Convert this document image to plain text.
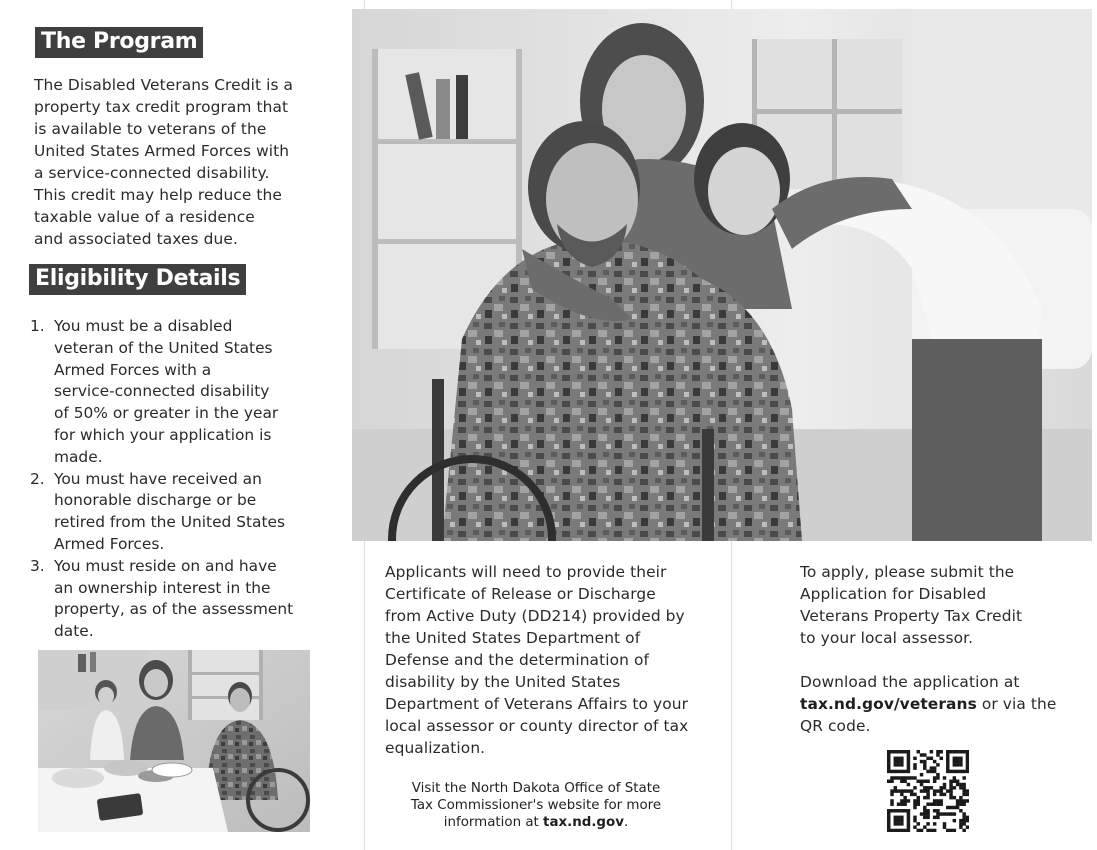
The Program
The Disabled Veterans Credit is a
property tax credit program that
is available to veterans of the
United States Armed Forces with
a service-connected disability.
This credit may help reduce the
taxable value of a residence
and associated taxes due.
Eligibility Details
1. You must be a disabled
veteran of the United States
Armed Forces with a
service-connected disability
of 50% or greater in the year
for which your application is
made.
2. You must have received an
honorable discharge or be
retired from the United States
Armed Forces.
3. You must reside on and have
an ownership interest in the
property, as of the assessment
date.
Applicants will need to provide their
Certificate of Release or Discharge
from Active Duty (DD214) provided by
the United States Department of
Defense and the determination of
disability by the United States
Department of Veterans Affairs to your
local assessor or county director of tax
equalization.
Visit the North Dakota Office of State
Tax Commissioner's website for more
information at tax.nd.gov.
To apply, please submit the
Application for Disabled
Veterans Property Tax Credit
to your local assessor.
Download the application at
tax.nd.gov/veterans or via the
QR code.
